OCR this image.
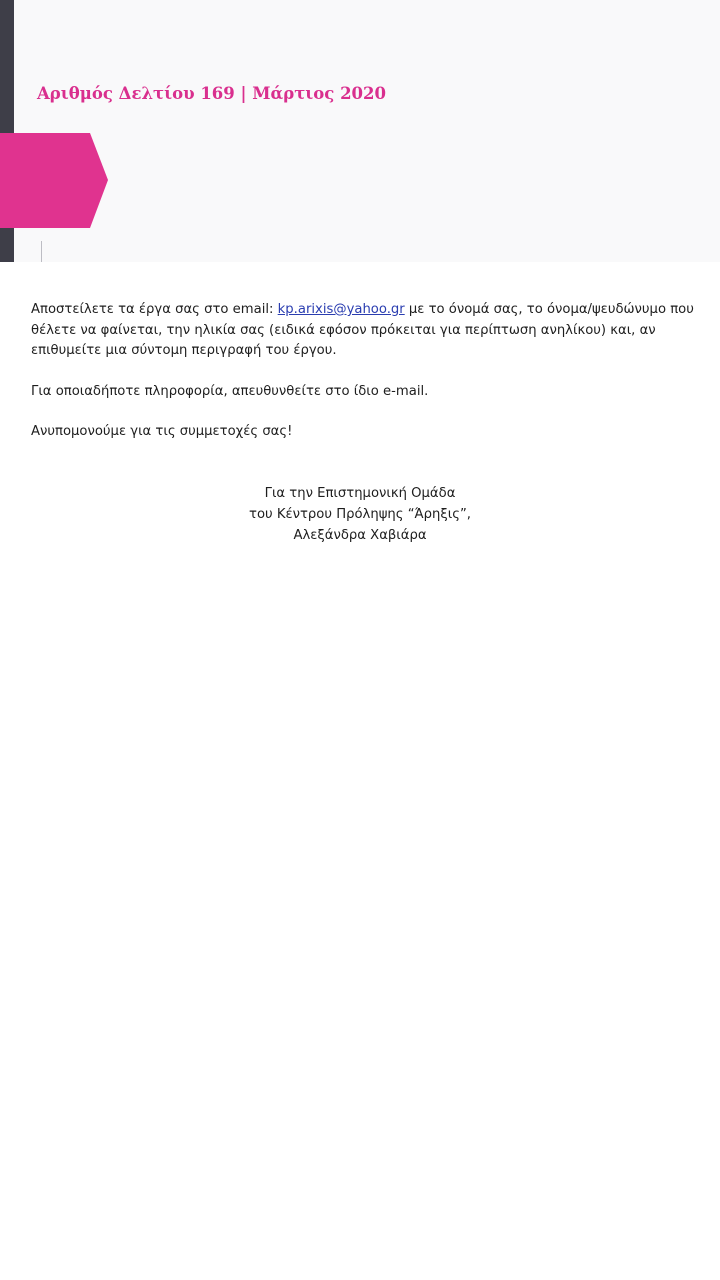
Αριθμός Δελτίου 169 | Μάρτιος 2020

Αποστείλετε τα έργα σας στο email: kp.arixis@yahoo.gr με το όνομά σας, το όνομα/ψευδώνυμο που θέλετε να φαίνεται, την ηλικία σας (ειδικά εφόσον πρόκειται για περίπτωση ανηλίκου) και, αν επιθυμείτε μια σύντομη περιγραφή του έργου.

Για οποιαδήποτε πληροφορία, απευθυνθείτε στο ίδιο e-mail.

Ανυπομονούμε για τις συμμετοχές σας!

Για την Επιστημονική Ομάδα
του Κέντρου Πρόληψης “Άρηξις”,
Αλεξάνδρα Χαβιάρα
